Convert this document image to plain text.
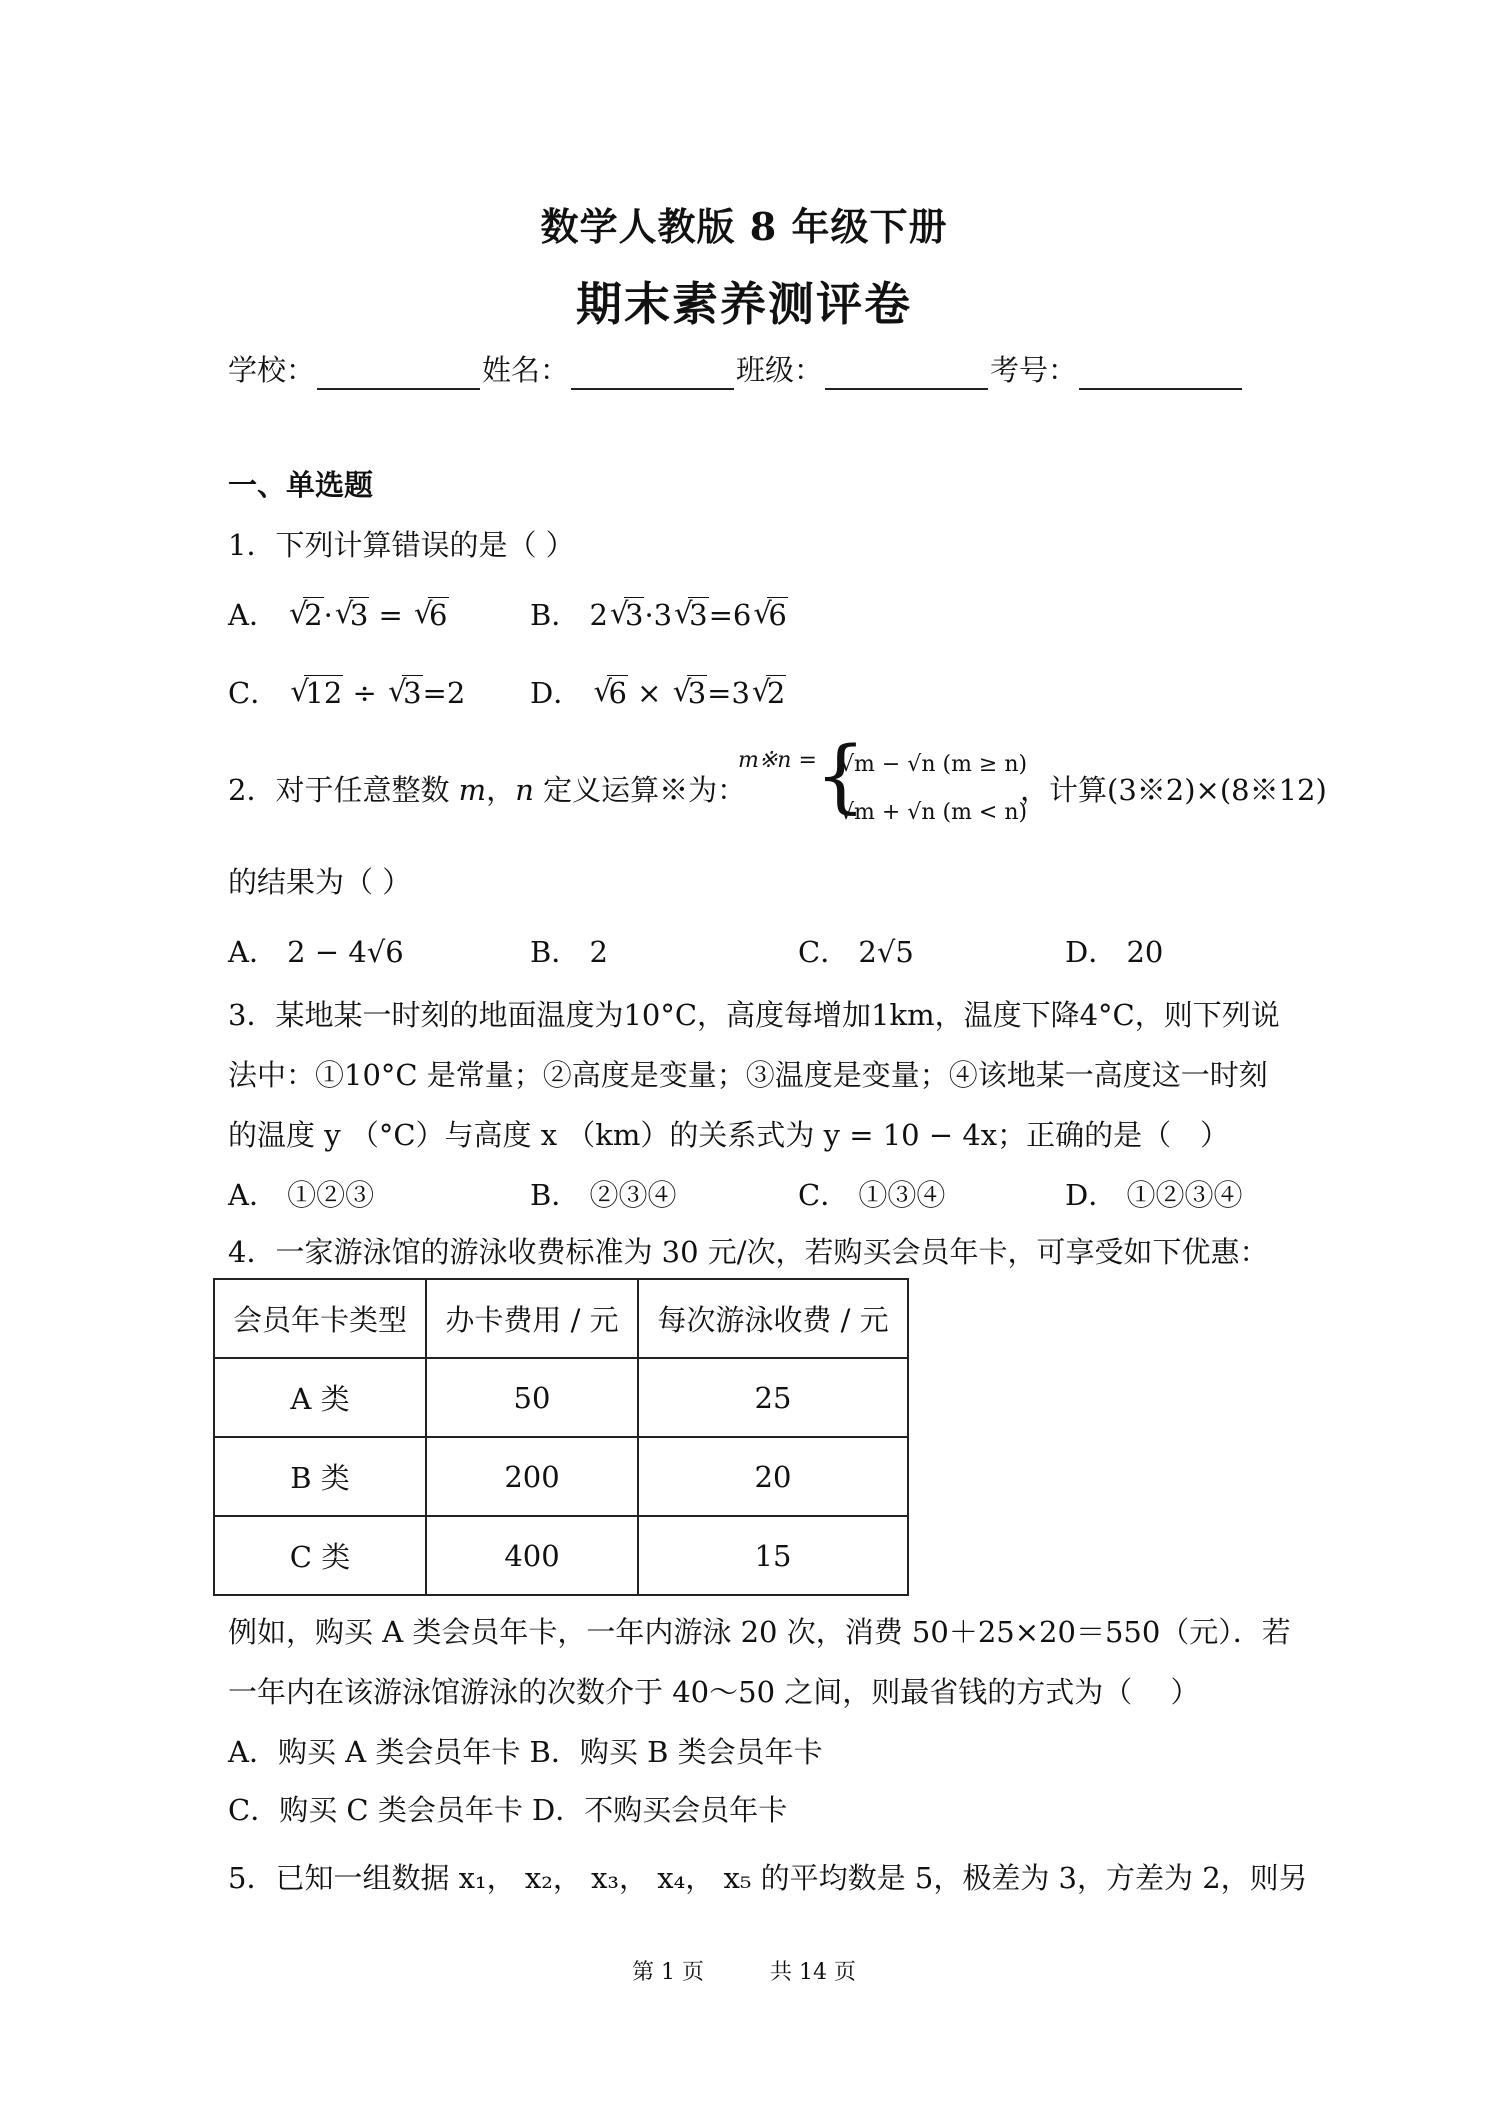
数学人教版 8 年级下册
期末素养测评卷
学校：	姓名：	班级：	考号：
一、单选题
1．下列计算错误的是（ ）
A． √ 2· √ 3 = √ 6	B． 2 √ 3·3 √ 3=6 √ 6
C． √ 12 ÷ √ 3=2 D． √ 6 × √ 3=3 √ 2
2．对于任意整数 m，n 定义运算※为：
m※n =
{
√m − √n (m ≥ n)
√m + √n (m < n)
，计算(3※2)×(8※12)
的结果为（ ）
A． 2 − 4√6	B． 2	C． 2√5	D． 20
3．某地某一时刻的地面温度为10°C，高度每增加1km，温度下降4°C，则下列说
法中：①10°C 是常量；②高度是变量；③温度是变量；④该地某一高度这一时刻
的温度 y （°C）与高度 x （km）的关系式为 y = 10 − 4x；正确的是（　）
A． ①②③	B． ②③④	C． ①③④	D． ①②③④
4．一家游泳馆的游泳收费标准为 30 元/次，若购买会员年卡，可享受如下优惠：
会员年卡类型	办卡费用 / 元	每次游泳收费 / 元
A 类	50	25
B 类	200	20
C 类	400	15
例如，购买 A 类会员年卡，一年内游泳 20 次，消费 50＋25×20＝550（元）．若
一年内在该游泳馆游泳的次数介于 40～50 之间，则最省钱的方式为（　 ）
A．购买 A 类会员年卡 B．购买 B 类会员年卡
C．购买 C 类会员年卡 D．不购买会员年卡
5．已知一组数据 x₁， x₂， x₃， x₄， x₅ 的平均数是 5，极差为 3，方差为 2，则另
第 1 页　　　共 14 页
